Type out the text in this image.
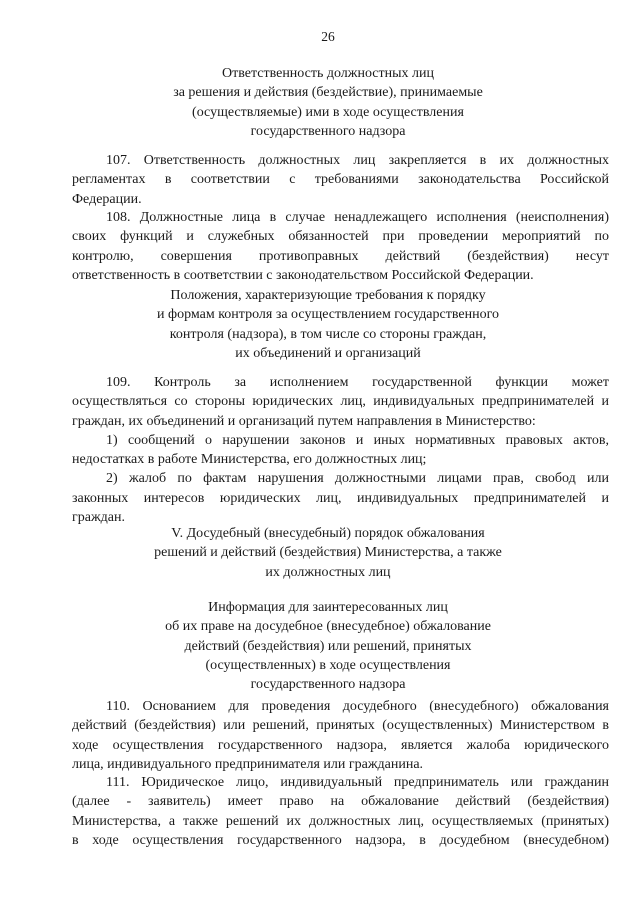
26
Ответственность должностных лиц
за решения и действия (бездействие), принимаемые
(осуществляемые) ими в ходе осуществления
государственного надзора
107. Ответственность должностных лиц закрепляется в их должностных
регламентах в соответствии с требованиями законодательства Российской
Федерации.
108. Должностные лица в случае ненадлежащего исполнения (неисполнения)
своих функций и служебных обязанностей при проведении мероприятий по
контролю, совершения противоправных действий (бездействия) несут
ответственность в соответствии с законодательством Российской Федерации.
Положения, характеризующие требования к порядку
и формам контроля за осуществлением государственного
контроля (надзора), в том числе со стороны граждан,
их объединений и организаций
109. Контроль за исполнением государственной функции может
осуществляться со стороны юридических лиц, индивидуальных предпринимателей и
граждан, их объединений и организаций путем направления в Министерство:
1) сообщений о нарушении законов и иных нормативных правовых актов,
недостатках в работе Министерства, его должностных лиц;
2) жалоб по фактам нарушения должностными лицами прав, свобод или
законных интересов юридических лиц, индивидуальных предпринимателей и
граждан.
V. Досудебный (внесудебный) порядок обжалования
решений и действий (бездействия) Министерства, а также
их должностных лиц
Информация для заинтересованных лиц
об их праве на досудебное (внесудебное) обжалование
действий (бездействия) или решений, принятых
(осуществленных) в ходе осуществления
государственного надзора
110. Основанием для проведения досудебного (внесудебного) обжалования
действий (бездействия) или решений, принятых (осуществленных) Министерством в
ходе осуществления государственного надзора, является жалоба юридического
лица, индивидуального предпринимателя или гражданина.
111. Юридическое лицо, индивидуальный предприниматель или гражданин
(далее - заявитель) имеет право на обжалование действий (бездействия)
Министерства, а также решений их должностных лиц, осуществляемых (принятых)
в ходе осуществления государственного надзора, в досудебном (внесудебном)
